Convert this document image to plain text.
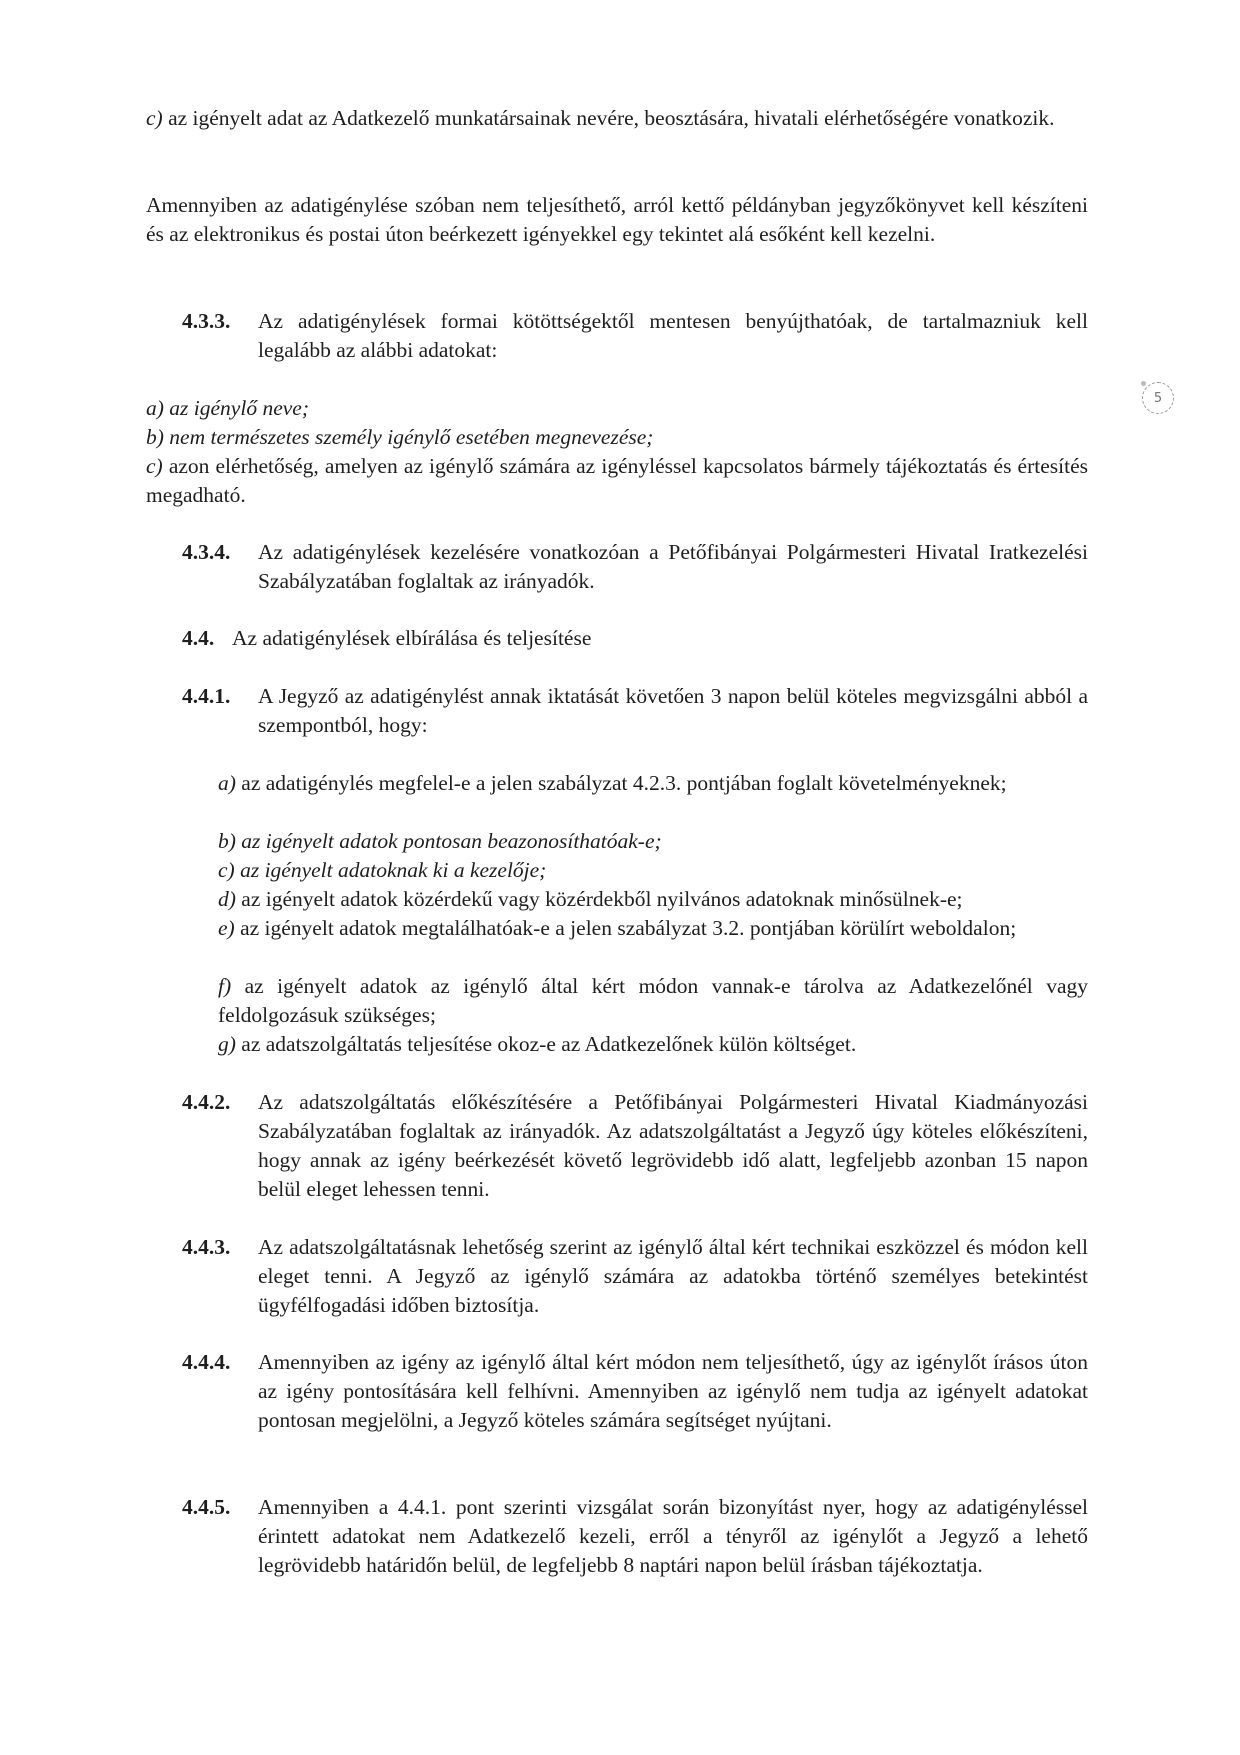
c) az igényelt adat az Adatkezelő munkatársainak nevére, beosztására, hivatali elérhetőségére vonatkozik.

Amennyiben az adatigénylése szóban nem teljesíthető, arról kettő példányban jegyzőkönyvet kell készíteni és az elektronikus és postai úton beérkezett igényekkel egy tekintet alá esőként kell kezelni.

4.3.3. Az adatigénylések formai kötöttségektől mentesen benyújthatóak, de tartalmazniuk kell legalább az alábbi adatokat:

a) az igénylő neve;

b) nem természetes személy igénylő esetében megnevezése;

c) azon elérhetőség, amelyen az igénylő számára az igényléssel kapcsolatos bármely tájékoztatás és értesítés megadható.

4.3.4. Az adatigénylések kezelésére vonatkozóan a Petőfibányai Polgármesteri Hivatal Iratkezelési Szabályzatában foglaltak az irányadók.
4.4. Az adatigénylések elbírálása és teljesítése
4.4.1. A Jegyző az adatigénylést annak iktatását követően 3 napon belül köteles megvizsgálni abból a szempontból, hogy:

a) az adatigénylés megfelel-e a jelen szabályzat 4.2.3. pontjában foglalt követelményeknek;

b) az igényelt adatok pontosan beazonosíthatóak-e;

c) az igényelt adatoknak ki a kezelője;

d) az igényelt adatok közérdekű vagy közérdekből nyilvános adatoknak minősülnek-e;

e) az igényelt adatok megtalálhatóak-e a jelen szabályzat 3.2. pontjában körülírt weboldalon;

f) az igényelt adatok az igénylő által kért módon vannak-e tárolva az Adatkezelőnél vagy feldolgozásuk szükséges;

g) az adatszolgáltatás teljesítése okoz-e az Adatkezelőnek külön költséget.

4.4.2. Az adatszolgáltatás előkészítésére a Petőfibányai Polgármesteri Hivatal Kiadmányozási Szabályzatában foglaltak az irányadók. Az adatszolgáltatást a Jegyző úgy köteles előkészíteni, hogy annak az igény beérkezését követő legrövidebb idő alatt, legfeljebb azonban 15 napon belül eleget lehessen tenni.
4.4.3. Az adatszolgáltatásnak lehetőség szerint az igénylő által kért technikai eszközzel és módon kell eleget tenni. A Jegyző az igénylő számára az adatokba történő személyes betekintést ügyfélfogadási időben biztosítja.
4.4.4. Amennyiben az igény az igénylő által kért módon nem teljesíthető, úgy az igénylőt írásos úton az igény pontosítására kell felhívni. Amennyiben az igénylő nem tudja az igényelt adatokat pontosan megjelölni, a Jegyző köteles számára segítséget nyújtani.
4.4.5. Amennyiben a 4.4.1. pont szerinti vizsgálat során bizonyítást nyer, hogy az adatigényléssel érintett adatokat nem Adatkezelő kezeli, erről a tényről az igénylőt a Jegyző a lehető legrövidebb határidőn belül, de legfeljebb 8 naptári napon belül írásban tájékoztatja.
5
